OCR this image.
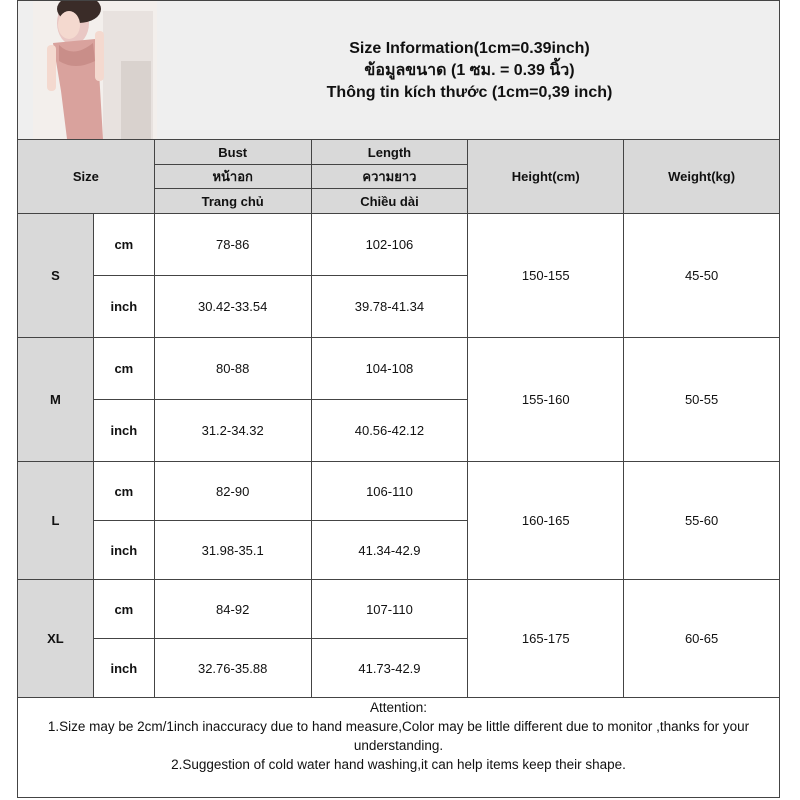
Size Information(1cm=0.39inch)
ข้อมูลขนาด (1 ซม. = 0.39 นิ้ว)
Thông tin kích thước (1cm=0,39 inch)
Size		Bust	Length	Height(cm)	Weight(kg)
		หน้าอก	ความยาว		
		Trang chủ	Chiều dài		
S	cm	78-86	102-106	150-155	45-50
	inch	30.42-33.54	39.78-41.34		
M	cm	80-88	104-108	155-160	50-55
	inch	31.2-34.32	40.56-42.12		
L	cm	82-90	106-110	160-165	55-60
	inch	31.98-35.1	41.34-42.9		
XL	cm	84-92	107-110	165-175	60-65
	inch	32.76-35.88	41.73-42.9		
Attention:
1.Size may be 2cm/1inch inaccuracy due to hand measure,Color may be little different due to monitor ,thanks for your understanding.
2.Suggestion of cold water hand washing,it can help items keep their shape.
